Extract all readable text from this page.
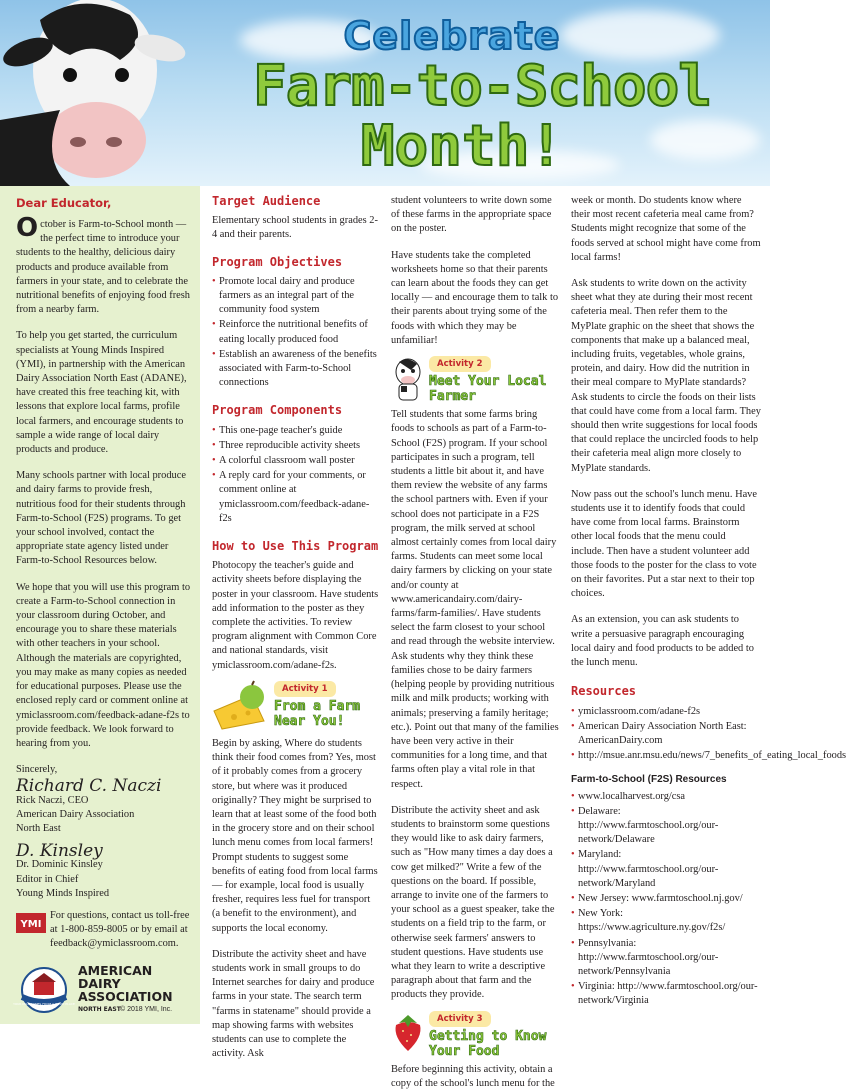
Celebrate
Farm-to-School
Month!
Dear Educator,

October is Farm-to-School month — the perfect time to introduce your students to the healthy, delicious dairy products and produce available from farmers in your state, and to celebrate the nutritional benefits of enjoying food fresh from a nearby farm.

To help you get started, the curriculum specialists at Young Minds Inspired (YMI), in partnership with the American Dairy Association North East (ADANE), have created this free teaching kit, with lessons that explore local farms, profile local farmers, and encourage students to sample a wide range of local dairy products and produce.

Many schools partner with local produce and dairy farms to provide fresh, nutritious food for their students through Farm-to-School (F2S) programs. To get your school involved, contact the appropriate state agency listed under Farm-to-School Resources below.

We hope that you will use this program to create a Farm-to-School connection in your classroom during October, and encourage you to share these materials with other teachers in your school. Although the materials are copyrighted, you may make as many copies as needed for educational purposes. Please use the enclosed reply card or comment online at ymiclassroom.com/feedback-adane-f2s to provide feedback. We look forward to hearing from you.

Sincerely,

Richard C. Naczi
Rick Naczi, CEO
American Dairy Association
North East
D. Kinsley
Dr. Dominic Kinsley
Editor in Chief
Young Minds Inspired
YMI

For questions, contact us toll-free at 1-800-859-8005 or by email at feedback@ymiclassroom.com.

YOUR MILK COMES FROM A GOOD PLACE
AMERICAN DAIRY
ASSOCIATION $^{NORTH EAST}$ © 2018 YMI, Inc.
Target Audience

Elementary school students in grades 2-4 and their parents.

Program Objectives
• Promote local dairy and produce farmers as an integral part of the community food system
• Reinforce the nutritional benefits of eating locally produced food
• Establish an awareness of the benefits associated with Farm-to-School connections
Program Components
• This one-page teacher's guide
• Three reproducible activity sheets
• A colorful classroom wall poster
• A reply card for your comments, or comment online at ymiclassroom.com/feedback-adane-f2s
How to Use This Program

Photocopy the teacher's guide and activity sheets before displaying the poster in your classroom. Have students add information to the poster as they complete the activities. To review program alignment with Common Core and national standards, visit ymiclassroom.com/adane-f2s.

Activity 1
From a Farm Near You!

Begin by asking, Where do students think their food comes from? Yes, most of it probably comes from a grocery store, but where was it produced originally? They might be surprised to learn that at least some of the food both in the grocery store and on their school lunch menu comes from local farmers! Prompt students to suggest some benefits of eating food from local farms — for example, local food is usually fresher, requires less fuel for transport (a benefit to the environment), and supports the local economy.

Distribute the activity sheet and have students work in small groups to do Internet searches for dairy and produce farms in your state. The search term "farms in statename" should provide a map showing farms with websites students can use to complete the activity. Ask

student volunteers to write down some of these farms in the appropriate space on the poster.

Have students take the completed worksheets home so that their parents can learn about the foods they can get locally — and encourage them to talk to their parents about trying some of the foods with which they may be unfamiliar!

Activity 2
Meet Your Local Farmer

Tell students that some farms bring foods to schools as part of a Farm-to-School (F2S) program. If your school participates in such a program, tell students a little bit about it, and have them review the website of any farms the school partners with. Even if your school does not participate in a F2S program, the milk served at school almost certainly comes from local dairy farms. Students can meet some local dairy farmers by clicking on your state and/or county at www.americandairy.com/dairy-farms/farm-families/. Have students select the farm closest to your school and read through the website interview. Ask students why they think these families chose to be dairy farmers (helping people by providing nutritious milk and milk products; working with animals; preserving a family heritage; etc.). Point out that many of the families have been very active in their communities for a long time, and that farms often play a vital role in that respect.

Distribute the activity sheet and ask students to brainstorm some questions they would like to ask dairy farmers, such as "How many times a day does a cow get milked?" Write a few of the questions on the board. If possible, arrange to invite one of the farmers to your school as a guest speaker, take the students on a field trip to the farm, or otherwise seek farmers' answers to student questions. Have students use what they learn to write a descriptive paragraph about that farm and the products they provide.

Activity 3
Getting to Know Your Food

Before beginning this activity, obtain a copy of the school's lunch menu for the

week or month. Do students know where their most recent cafeteria meal came from? Students might recognize that some of the foods served at school might have come from local farms!

Ask students to write down on the activity sheet what they ate during their most recent cafeteria meal. Then refer them to the MyPlate graphic on the sheet that shows the components that make up a balanced meal, including fruits, vegetables, whole grains, protein, and dairy. How did the nutrition in their meal compare to MyPlate standards? Ask students to circle the foods on their lists that could have come from a local farm. They should then write suggestions for local foods that could replace the uncircled foods to help their cafeteria meal align more closely to MyPlate standards.

Now pass out the school's lunch menu. Have students use it to identify foods that could have come from local farms. Brainstorm other local foods that the menu could include. Then have a student volunteer add those foods to the poster for the class to vote on their favorites. Put a star next to their top choices.

As an extension, you can ask students to write a persuasive paragraph encouraging local dairy and food products to be added to the lunch menu.

Resources
• ymiclassroom.com/adane-f2s
• American Dairy Association North East: AmericanDairy.com
• http://msue.anr.msu.edu/news/7_benefits_of_eating_local_foods
Farm-to-School (F2S) Resources
• www.localharvest.org/csa
• Delaware: http://www.farmtoschool.org/our-network/Delaware
• Maryland: http://www.farmtoschool.org/our-network/Maryland
• New Jersey: www.farmtoschool.nj.gov/
• New York: https://www.agriculture.ny.gov/f2s/
• Pennsylvania: http://www.farmtoschool.org/our-network/Pennsylvania
• Virginia: http://www.farmtoschool.org/our-network/Virginia
